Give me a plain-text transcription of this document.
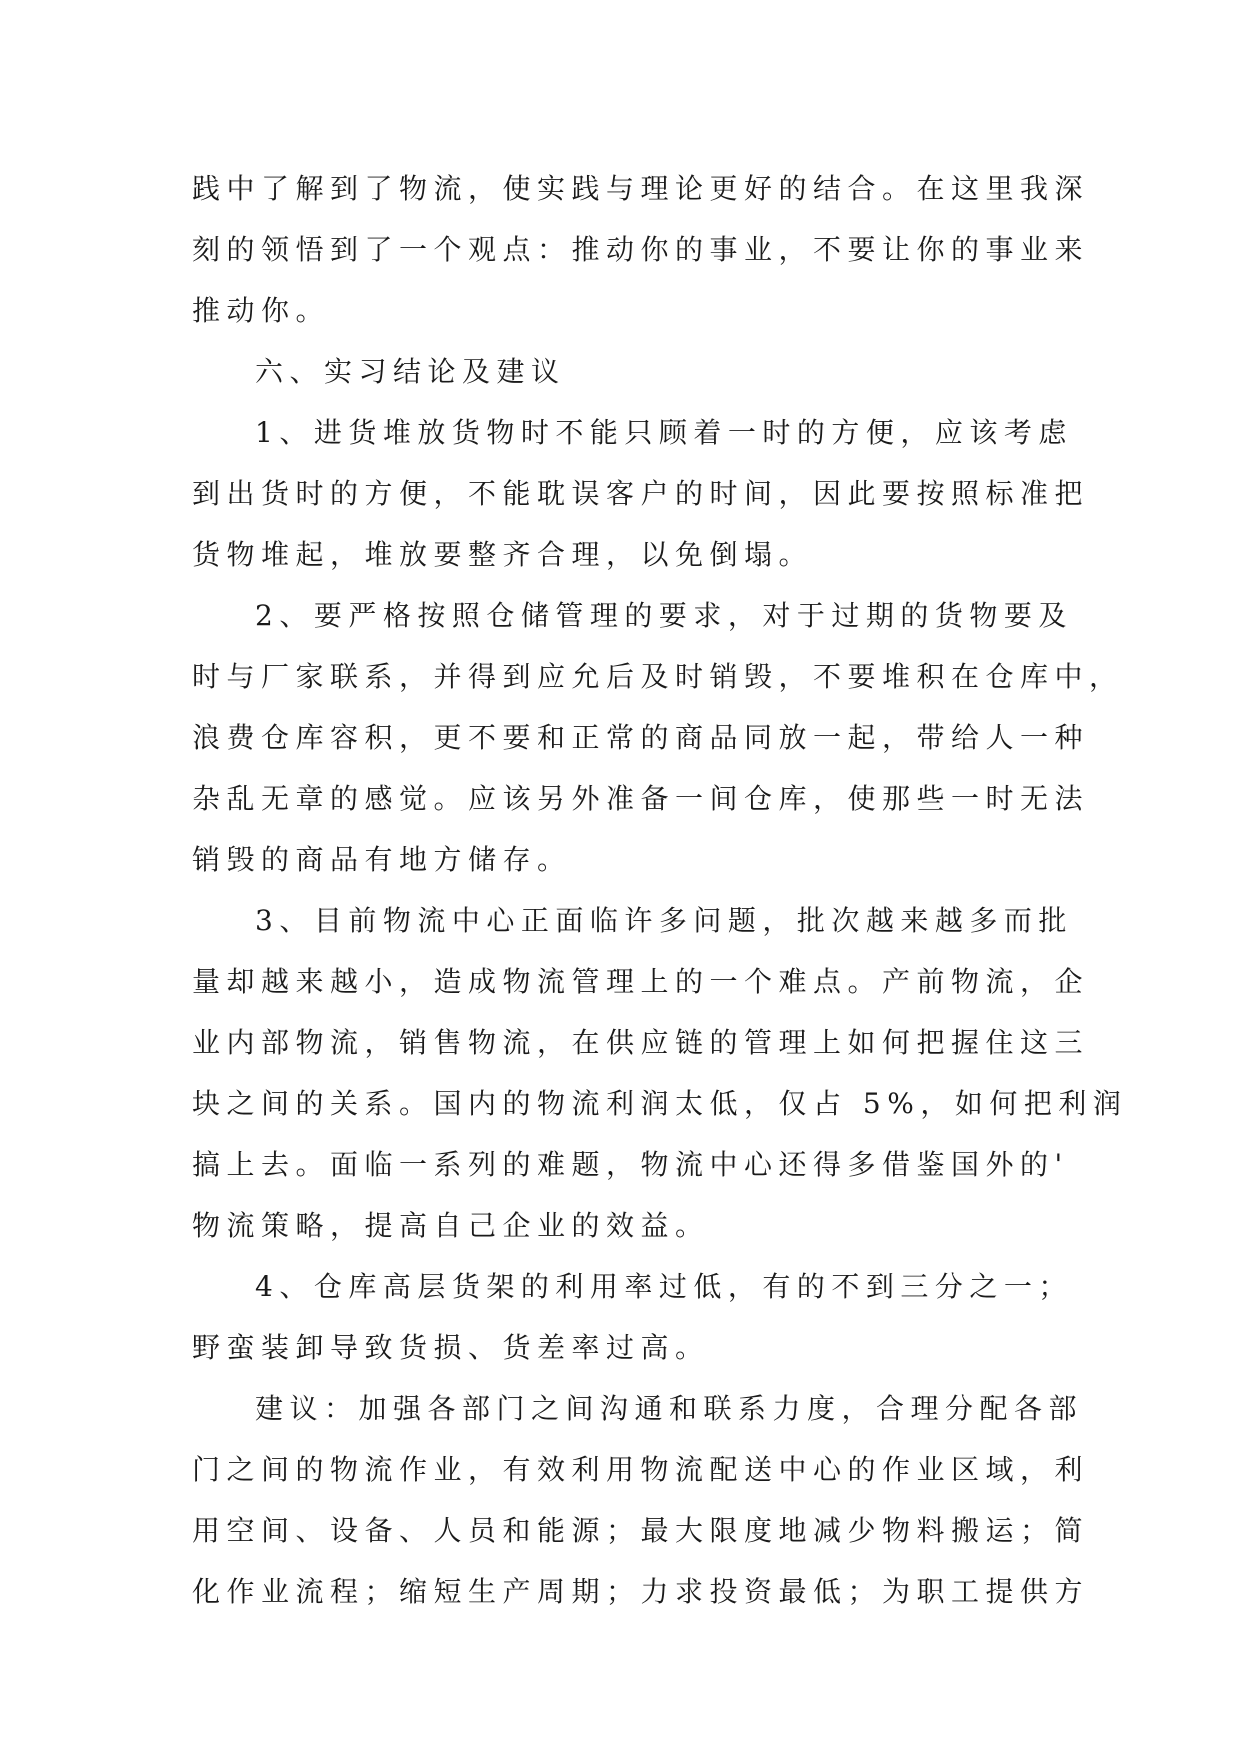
践中了解到了物流，使实践与理论更好的结合。在这里我深
刻的领悟到了一个观点：推动你的事业，不要让你的事业来
推动你。
六、实习结论及建议
1、进货堆放货物时不能只顾着一时的方便，应该考虑
到出货时的方便，不能耽误客户的时间，因此要按照标准把
货物堆起，堆放要整齐合理，以免倒塌。
2、要严格按照仓储管理的要求，对于过期的货物要及
时与厂家联系，并得到应允后及时销毁，不要堆积在仓库中，
浪费仓库容积，更不要和正常的商品同放一起，带给人一种
杂乱无章的感觉。应该另外准备一间仓库，使那些一时无法
销毁的商品有地方储存。
3、目前物流中心正面临许多问题，批次越来越多而批
量却越来越小，造成物流管理上的一个难点。产前物流，企
业内部物流，销售物流，在供应链的管理上如何把握住这三
块之间的关系。国内的物流利润太低，仅占 5%，如何把利润
搞上去。面临一系列的难题，物流中心还得多借鉴国外的'
物流策略，提高自己企业的效益。
4、仓库高层货架的利用率过低，有的不到三分之一；
野蛮装卸导致货损、货差率过高。
建议：加强各部门之间沟通和联系力度，合理分配各部
门之间的物流作业，有效利用物流配送中心的作业区域，利
用空间、设备、人员和能源；最大限度地减少物料搬运；简
化作业流程；缩短生产周期；力求投资最低；为职工提供方
